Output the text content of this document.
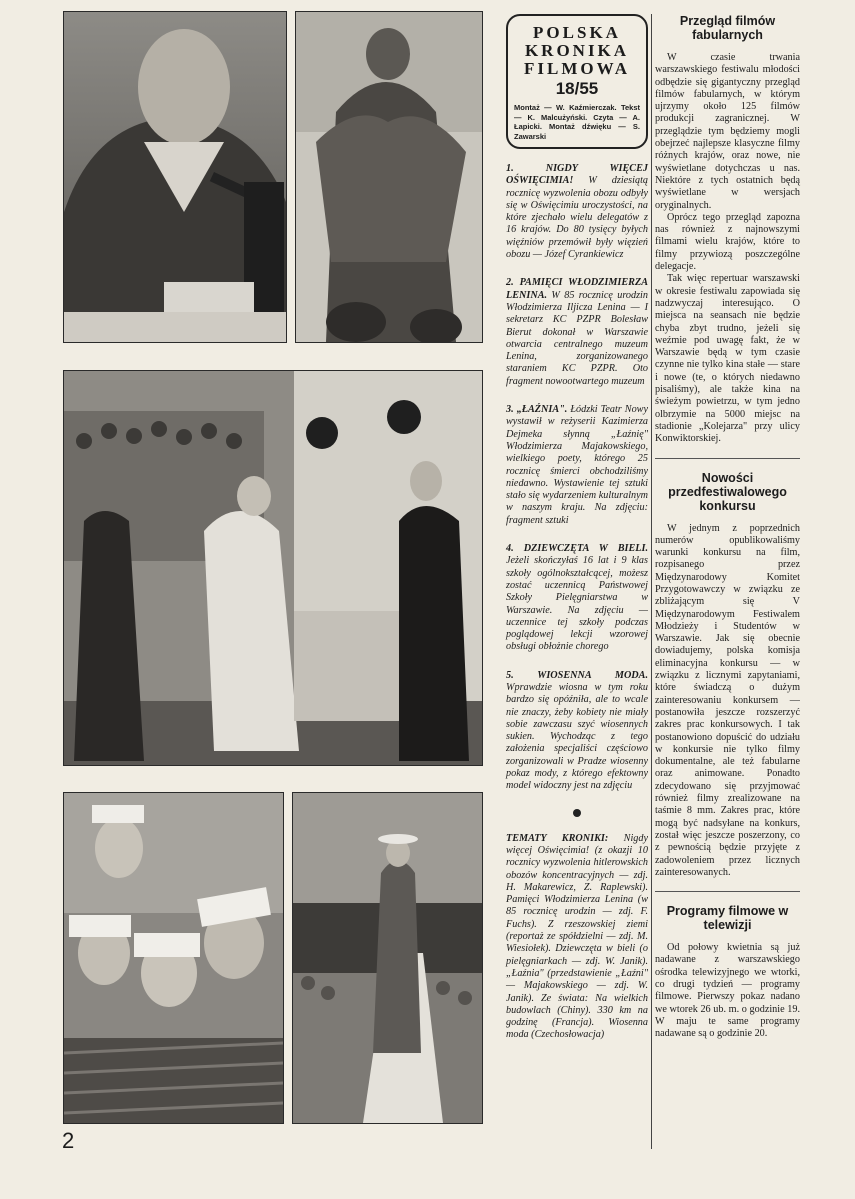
POLSKA
KRONIKA
FILMOWA
18/55
Montaż — W. Kaźmierczak. Tekst — K. Malcużyński. Czyta — A. Łapicki. Montaż dźwięku — S. Zawarski

1. NIGDY WIĘCEJ OŚWIĘCIMIA! W dziesiątą rocznicę wyzwolenia obozu odbyły się w Oświęcimiu uroczystości, na które zjechało wielu delegatów z 16 krajów. Do 80 tysięcy byłych więźniów przemówił były więzień obozu — Józef Cyrankiewicz

2. PAMIĘCI WŁODZIMIERZA LENINA. W 85 rocznicę urodzin Włodzimierza Iljicza Lenina — I sekretarz KC PZPR Bolesław Bierut dokonał w Warszawie otwarcia centralnego muzeum Lenina, zorganizowanego staraniem KC PZPR. Oto fragment nowootwartego muzeum

3. „ŁAŹNIA". Łódzki Teatr Nowy wystawił w reżyserii Kazimierza Dejmeka słynną „Łaźnię" Włodzimierza Majakowskiego, wielkiego poety, którego 25 rocznicę śmierci obchodziliśmy niedawno. Wystawienie tej sztuki stało się wydarzeniem kulturalnym w naszym kraju. Na zdjęciu: fragment sztuki

4. DZIEWCZĘTA W BIELI. Jeżeli skończyłaś 16 lat i 9 klas szkoły ogólnokształcącej, możesz zostać uczennicą Państwowej Szkoły Pielęgniarstwa w Warszawie. Na zdjęciu — uczennice tej szkoły podczas poglądowej lekcji wzorowej obsługi obłożnie chorego

5. WIOSENNA MODA. Wprawdzie wiosna w tym roku bardzo się opóźniła, ale to wcale nie znaczy, żeby kobiety nie miały sobie zawczasu szyć wiosennych sukien. Wychodząc z tego założenia specjaliści częściowo zorganizowali w Pradze wiosenny pokaz mody, z którego efektowny model widoczny jest na zdjęciu

TEMATY KRONIKI: Nigdy więcej Oświęcimia! (z okazji 10 rocznicy wyzwolenia hitlerowskich obozów koncentracyjnych — zdj. H. Makarewicz, Z. Raplewski). Pamięci Włodzimierza Lenina (w 85 rocznicę urodzin — zdj. F. Fuchs). Z rzeszowskiej ziemi (reportaż ze spółdzielni — zdj. M. Wiesiołek). Dziewczęta w bieli (o pielęgniarkach — zdj. W. Janik). „Łaźnia" (przedstawienie „Łaźni" — Majakowskiego — zdj. W. Janik). Ze świata: Na wielkich budowlach (Chiny). 330 km na godzinę (Francja). Wiosenna moda (Czechosłowacja)

Przegląd filmów fabularnych

W czasie trwania warszawskiego festiwalu młodości odbędzie się gigantyczny przegląd filmów fabularnych, w którym ujrzymy około 125 filmów produkcji zagranicznej. W przeglądzie tym będziemy mogli obejrzeć najlepsze klasyczne filmy różnych krajów, oraz nowe, nie wyświetlane dotychczas u nas. Niektóre z tych ostatnich będą wyświetlane w wersjach oryginalnych.

Oprócz tego przegląd zapozna nas również z najnowszymi filmami wielu krajów, które to filmy przywiozą poszczególne delegacje.

Tak więc repertuar warszawski w okresie festiwalu zapowiada się nadzwyczaj interesująco. O miejsca na seansach nie będzie chyba zbyt trudno, jeżeli się weźmie pod uwagę fakt, że w Warszawie będą w tym czasie czynne nie tylko kina stałe — stare i nowe (te, o których niedawno pisaliśmy), ale także kina na świeżym powietrzu, w tym jedno olbrzymie na 5000 miejsc na stadionie „Kolejarza" przy ulicy Konwiktorskiej.

Nowości przedfestiwalowego konkursu

W jednym z poprzednich numerów opublikowaliśmy warunki konkursu na film, rozpisanego przez Międzynarodowy Komitet Przygotowawczy w związku ze zbliżającym się V Międzynarodowym Festiwalem Młodzieży i Studentów w Warszawie. Jak się obecnie dowiadujemy, polska komisja eliminacyjna konkursu — w związku z licznymi zapytaniami, które świadczą o dużym zainteresowaniu konkursem — postanowiła jeszcze rozszerzyć zakres prac konkursowych. I tak postanowiono dopuścić do udziału w konkursie nie tylko filmy dokumentalne, ale też fabularne oraz animowane. Ponadto zdecydowano się przyjmować również filmy zrealizowane na taśmie 8 mm. Zakres prac, które mogą być nadsyłane na konkurs, został więc jeszcze poszerzony, co z pewnością będzie przyjęte z zadowoleniem przez licznych zainteresowanych.

Programy filmowe w telewizji

Od połowy kwietnia są już nadawane z warszawskiego ośrodka telewizyjnego we wtorki, co drugi tydzień — programy filmowe. Pierwszy pokaz nadano we wtorek 26 ub. m. o godzinie 19. W maju te same programy nadawane są o godzinie 20.

2
